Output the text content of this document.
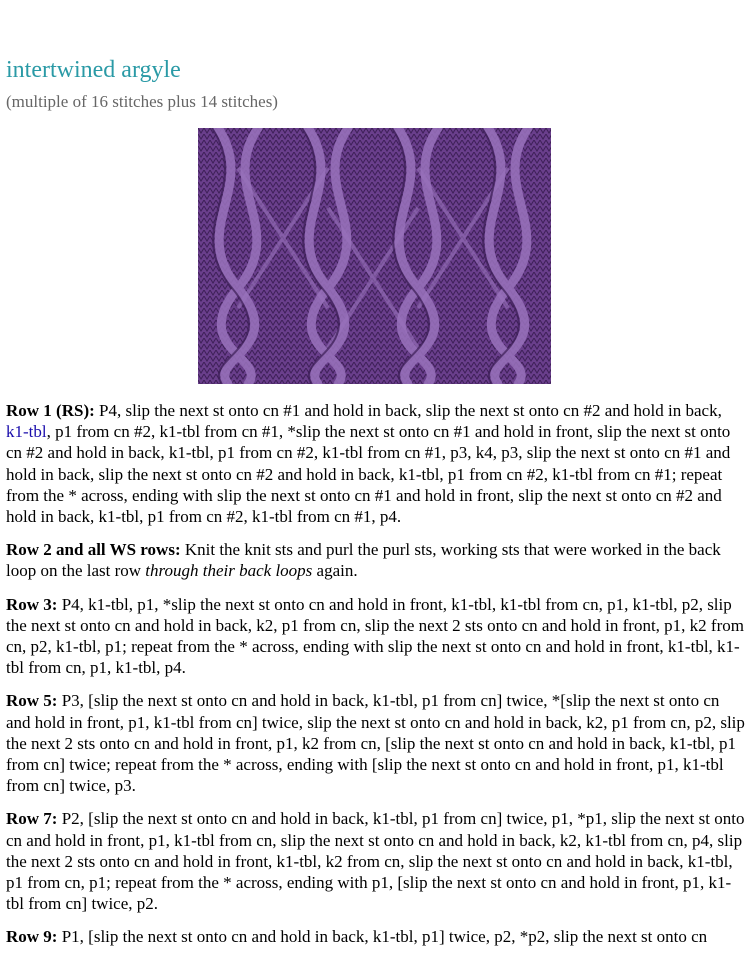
intertwined argyle

(multiple of 16 stitches plus 14 stitches)

Row 1 (RS): P4, slip the next st onto cn #1 and hold in back, slip the next st onto cn #2 and hold in back, k1-tbl, p1 from cn #2, k1-tbl from cn #1, *slip the next st onto cn #1 and hold in front, slip the next st onto cn #2 and hold in back, k1-tbl, p1 from cn #2, k1-tbl from cn #1, p3, k4, p3, slip the next st onto cn #1 and hold in back, slip the next st onto cn #2 and hold in back, k1-tbl, p1 from cn #2, k1-tbl from cn #1; repeat from the * across, ending with slip the next st onto cn #1 and hold in front, slip the next st onto cn #2 and hold in back, k1-tbl, p1 from cn #2, k1-tbl from cn #1, p4.

Row 2 and all WS rows: Knit the knit sts and purl the purl sts, working sts that were worked in the back loop on the last row through their back loops again.

Row 3: P4, k1-tbl, p1, *slip the next st onto cn and hold in front, k1-tbl, k1-tbl from cn, p1, k1-tbl, p2, slip the next st onto cn and hold in back, k2, p1 from cn, slip the next 2 sts onto cn and hold in front, p1, k2 from cn, p2, k1-tbl, p1; repeat from the * across, ending with slip the next st onto cn and hold in front, k1-tbl, k1-tbl from cn, p1, k1-tbl, p4.

Row 5: P3, [slip the next st onto cn and hold in back, k1-tbl, p1 from cn] twice, *[slip the next st onto cn and hold in front, p1, k1-tbl from cn] twice, slip the next st onto cn and hold in back, k2, p1 from cn, p2, slip the next 2 sts onto cn and hold in front, p1, k2 from cn, [slip the next st onto cn and hold in back, k1-tbl, p1 from cn] twice; repeat from the * across, ending with [slip the next st onto cn and hold in front, p1, k1-tbl from cn] twice, p3.

Row 7: P2, [slip the next st onto cn and hold in back, k1-tbl, p1 from cn] twice, p1, *p1, slip the next st onto cn and hold in front, p1, k1-tbl from cn, slip the next st onto cn and hold in back, k2, k1-tbl from cn, p4, slip the next 2 sts onto cn and hold in front, k1-tbl, k2 from cn, slip the next st onto cn and hold in back, k1-tbl, p1 from cn, p1; repeat from the * across, ending with p1, [slip the next st onto cn and hold in front, p1, k1-tbl from cn] twice, p2.

Row 9: P1, [slip the next st onto cn and hold in back, k1-tbl, p1] twice, p2, *p2, slip the next st onto cn
